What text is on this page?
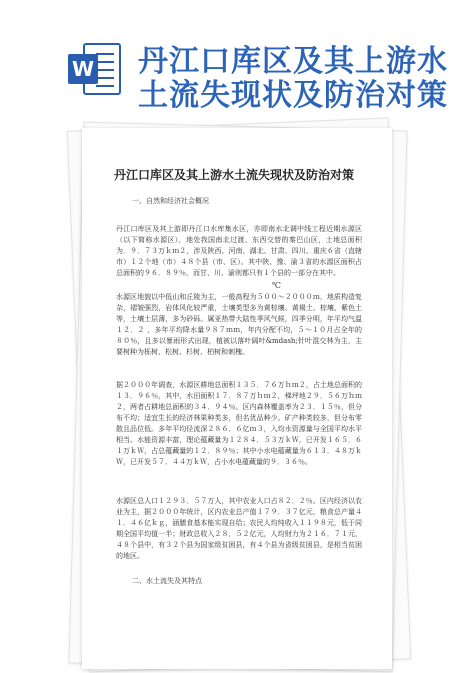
W 丹江口库区及其上游水
土流失现状及防治对策
丹江口库区及其上游水土流失现状及防治对策

一、自然和经济社会概况

丹江口库区及其上游即丹江口水库集水区，亦即南水北调中线工程近期水源区（以下简称水源区），地处我国南北过渡、东西交替的秦巴山区，土地总面积为．９．７３万ｋｍ２，涉及陕西、河南、湖北、甘肃、四川、重庆６省（直辖市）１２个地（市）４８个县（市、区）。其中陕、豫、渝３省的水源区面积占总面积的９６．８９％，而甘、川、渝则都只有１个县的一部分在其中。

℃

水源区地貌以中低山和丘陵为主，一般高程为５００～２０００ｍ，地质构造复杂，褶皱强烈，岩体风化较严重，土壤类型多为黄棕壤、黄褐土、棕壤、紫色土等，土壤土层薄，多为砂砾。属亚热带大陆性季风气候，四季分明，年平均气温１２．２ ，多年平均降水量９８７ｍｍ，年内分配不均，５～１０月占全年的８０％，且多以暴雨形式出现，植被以落叶阔叶&mdash;针叶混交林为主，主要树种为栎树、松树、杉树、柏树和刺槐。

据２０００年调查，水源区耕地总面积１３５．７６万ｈｍ２，占土地总面积的１３．９６％，其中，水田面积１７．８７万ｈｍ２，梯坪地２９．５６万ｈｍ２，两者占耕地总面积的３４．９４％。区内森林覆盖率为２３．１５％，但分布不均；适宜生长的经济林果种类多，但名优品种少。矿产种类较多，但分布零散且品位低。多年平均径流深２８６．６亿ｍ３，入均水资源量与全国平均水平相当。水能资源丰富，理论蕴藏量为１２８４．５３万ｋＷ，已开发１６５．６１万ｋＷ，占总蕴藏量的１２．８９％；其中小水电蕴藏量为６１３．４８万ｋＷ，已开发５７．４４万ｋＷ，占小水电蕴藏量的９．３６％。

水源区总人口１２９３．５７万人，其中农业人口占８２．２％。区内经济以农业为主，据２０００年统计，区内农业总产值１７９．３７亿元，粮食总产量４１．４６亿ｋｇ，涵膳食基本能实现自给；农民人均纯收入１１９８元，低于同期全国平均值一半；财政总收入２８．５２亿元，人均财力为２１６．７１元，４８个县中，有３２个县为国家级贫困县，有４个县为省级贫困县，是相当贫困的地区。

二、水土流失及其特点
